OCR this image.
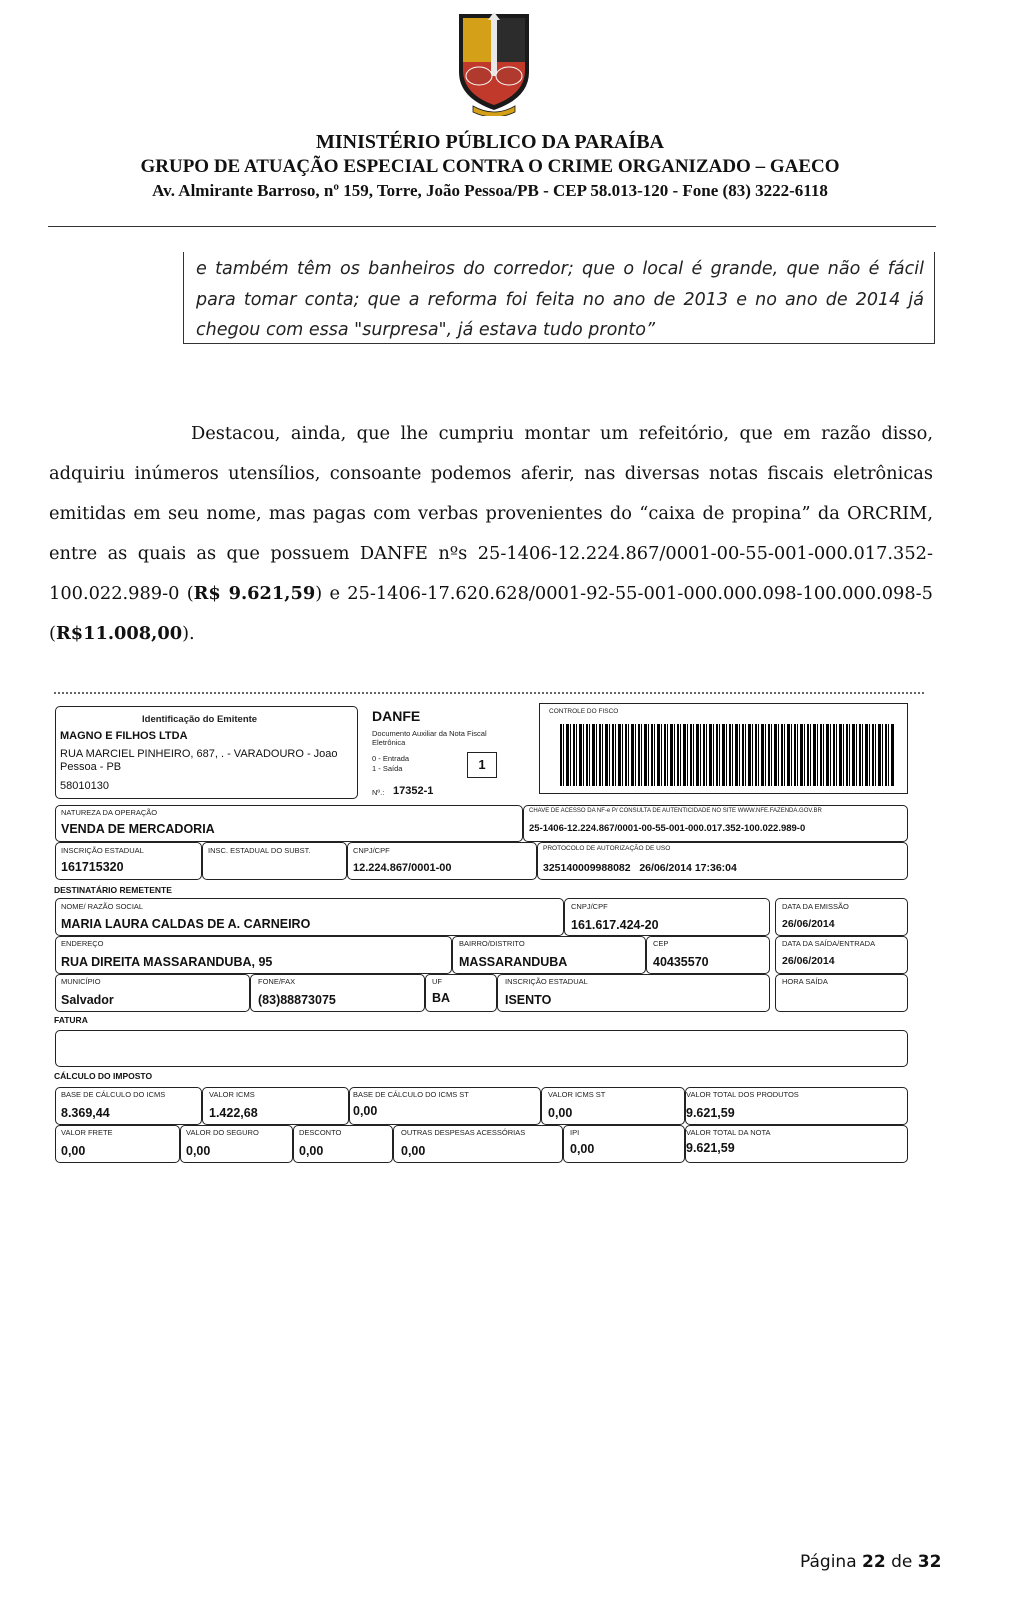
MINISTÉRIO PÚBLICO DA PARAÍBA
GRUPO DE ATUAÇÃO ESPECIAL CONTRA O CRIME ORGANIZADO – GAECO
Av. Almirante Barroso, nº 159, Torre, João Pessoa/PB - CEP 58.013-120 - Fone (83) 3222-6118

e também têm os banheiros do corredor; que o local é grande, que não é fácil para tomar conta; que a reforma foi feita no ano de 2013 e no ano de 2014 já chegou com essa "surpresa", já estava tudo pronto”

Destacou, ainda, que lhe cumpriu montar um refeitório, que em razão disso, adquiriu inúmeros utensílios, consoante podemos aferir, nas diversas notas fiscais eletrônicas emitidas em seu nome, mas pagas com verbas provenientes do “caixa de propina” da ORCRIM, entre as quais as que possuem DANFE nºs 25-1406-12.224.867/0001-00-55-001-000.017.352-100.022.989-0 (R$ 9.621,59) e 25-1406-17.620.628/0001-92-55-001-000.000.098-100.000.098-5 (R$11.008,00).

Identificação do Emitente
MAGNO E FILHOS LTDA
RUA MARCIEL PINHEIRO, 687, . - VARADOURO - Joao
Pessoa - PB
58010130
DANFE
Documento Auxiliar da Nota Fiscal
Eletrônica
0 - Entrada
1 - Saída	1
Nº.: 17352-1
CONTROLE DO FISCO
NATUREZA DA OPERAÇÃO
VENDA DE MERCADORIA
CHAVE DE ACESSO DA NF-e P/ CONSULTA DE AUTENTICIDADE NO SITE WWW.NFE.FAZENDA.GOV.BR
25-1406-12.224.867/0001-00-55-001-000.017.352-100.022.989-0
INSCRIÇÃO ESTADUAL
161715320
INSC. ESTADUAL DO SUBST.	CNPJ/CPF
12.224.867/0001-00
PROTOCOLO DE AUTORIZAÇÃO DE USO
325140009988082   26/06/2014 17:36:04
DESTINATÁRIO REMETENTE
NOME/ RAZÃO SOCIAL
MARIA LAURA CALDAS DE A. CARNEIRO
CNPJ/CPF
161.617.424-20
DATA DA EMISSÃO
26/06/2014
ENDEREÇO
RUA DIREITA MASSARANDUBA, 95
BAIRRO/DISTRITO
MASSARANDUBA
CEP
40435570
DATA DA SAÍDA/ENTRADA
26/06/2014
MUNICÍPIO
Salvador
FONE/FAX
(83)88873075
UF
BA
INSCRIÇÃO ESTADUAL
ISENTO
HORA SAÍDA
FATURA
CÁLCULO DO IMPOSTO
BASE DE CÁLCULO DO ICMS
8.369,44
VALOR ICMS
1.422,68
BASE DE CÁLCULO DO ICMS ST
0,00
VALOR ICMS ST
0,00
VALOR TOTAL DOS PRODUTOS
9.621,59
VALOR FRETE
0,00
VALOR DO SEGURO
0,00
DESCONTO
0,00
OUTRAS DESPESAS ACESSÓRIAS
0,00
IPI
0,00
VALOR TOTAL DA NOTA
9.621,59
Página 22 de 32
